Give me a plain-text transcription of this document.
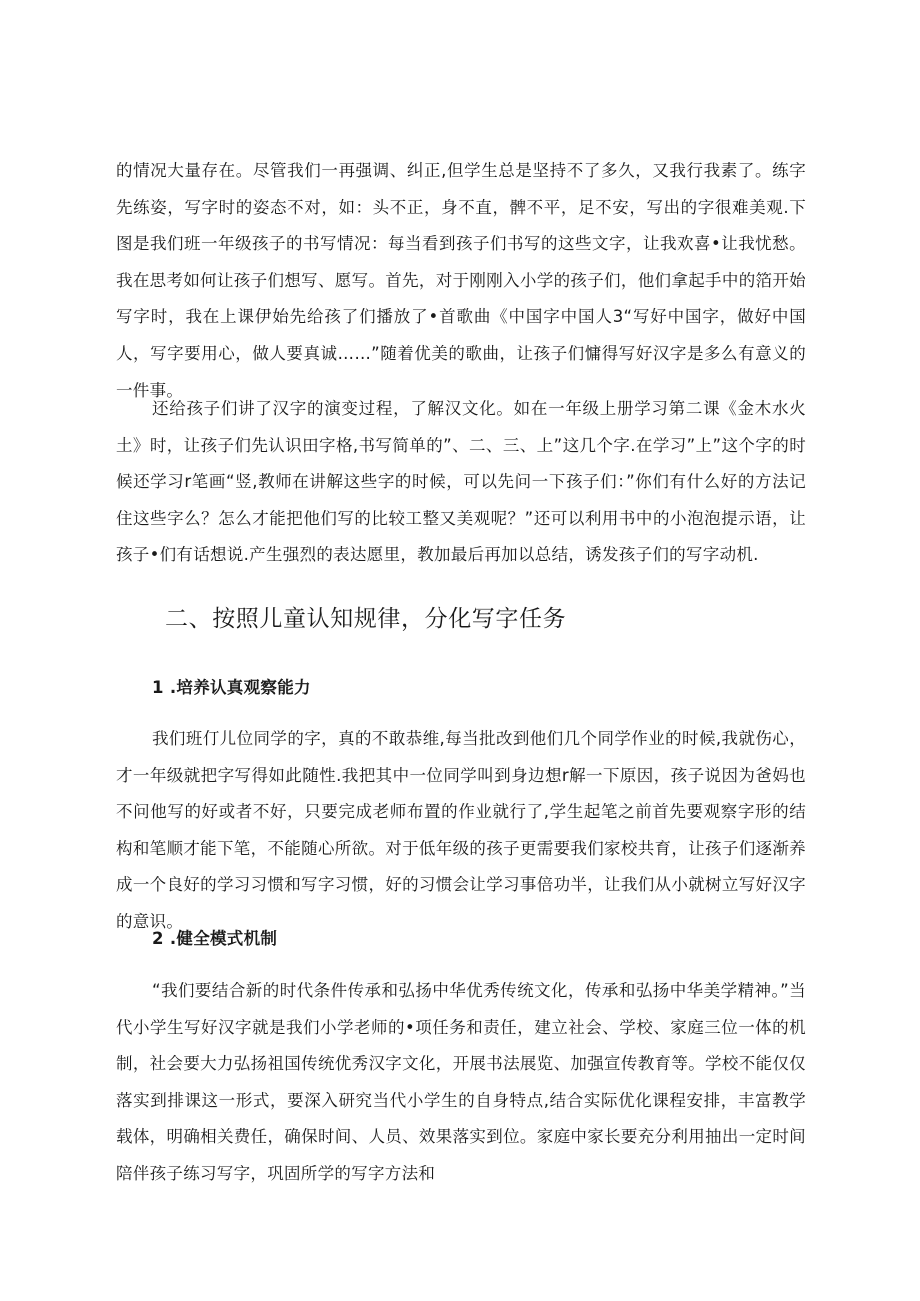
的情况大量存在。尽管我们一再强调、纠正,但学生总是坚持不了多久，又我行我素了。练字先练姿，写字时的姿态不对，如：头不正，身不直，髀不平，足不安，写出的字很难美观.下图是我们班一年级孩子的书写情况：每当看到孩子们书写的这些文字，让我欢喜•让我忧愁。我在思考如何让孩子们想写、愿写。首先，对于刚刚入小学的孩子们，他们拿起手中的箔开始写字时，我在上课伊始先给孩了们播放了•首歌曲《中国字中国人3“写好中国字，做好中国人，写字要用心，做人要真诚……”随着优美的歌曲，让孩子们慵得写好汉字是多么有意义的一件事。

还给孩子们讲了汉字的演变过程，了解汉文化。如在一年级上册学习第二课《金木水火土》时，让孩子们先认识田字格,书写简单的”、二、三、上”这几个字.在学习”上”这个字的时候还学习r笔画“竖,教师在讲解这些字的时候，可以先问一下孩子们：”你们有什么好的方法记住这些字么？怎么才能把他们写的比较工整又美观呢？”还可以利用书中的小泡泡提示语，让孩子•们有话想说.产生强烈的表达愿里，教加最后再加以总结，诱发孩子们的写字动机.

二、按照儿童认知规律，分化写字任务
1 .培养认真观察能力

我们班仃儿位同学的字，真的不敢恭维,每当批改到他们几个同学作业的时候,我就伤心，才一年级就把字写得如此随性.我把其中一位同学叫到身边想r解一下原因，孩子说因为爸妈也不问他写的好或者不好，只要完成老师布置的作业就行了,学生起笔之前首先要观察字形的结构和笔顺才能下笔，不能随心所欲。对于低年级的孩子更需要我们家校共育，让孩子们逐渐养成一个良好的学习习惯和写字习惯，好的习惯会让学习事倍功半，让我们从小就树立写好汉字的意识。

2 .健全模式机制

“我们要结合新的时代条件传承和弘扬中华优秀传统文化，传承和弘扬中华美学精神。”当代小学生写好汉字就是我们小学老师的•项任务和责任，建立社会、学校、家庭三位一体的机制，社会要大力弘扬祖国传统优秀汉字文化，开展书法展览、加强宣传教育等。学校不能仅仅落实到排课这一形式，要深入研究当代小学生的自身特点,结合实际优化课程安排，丰富教学载体，明确相关费任，确保时间、人员、效果落实到位。家庭中家长要充分利用抽出一定时间陪伴孩子练习写字，巩固所学的写字方法和
